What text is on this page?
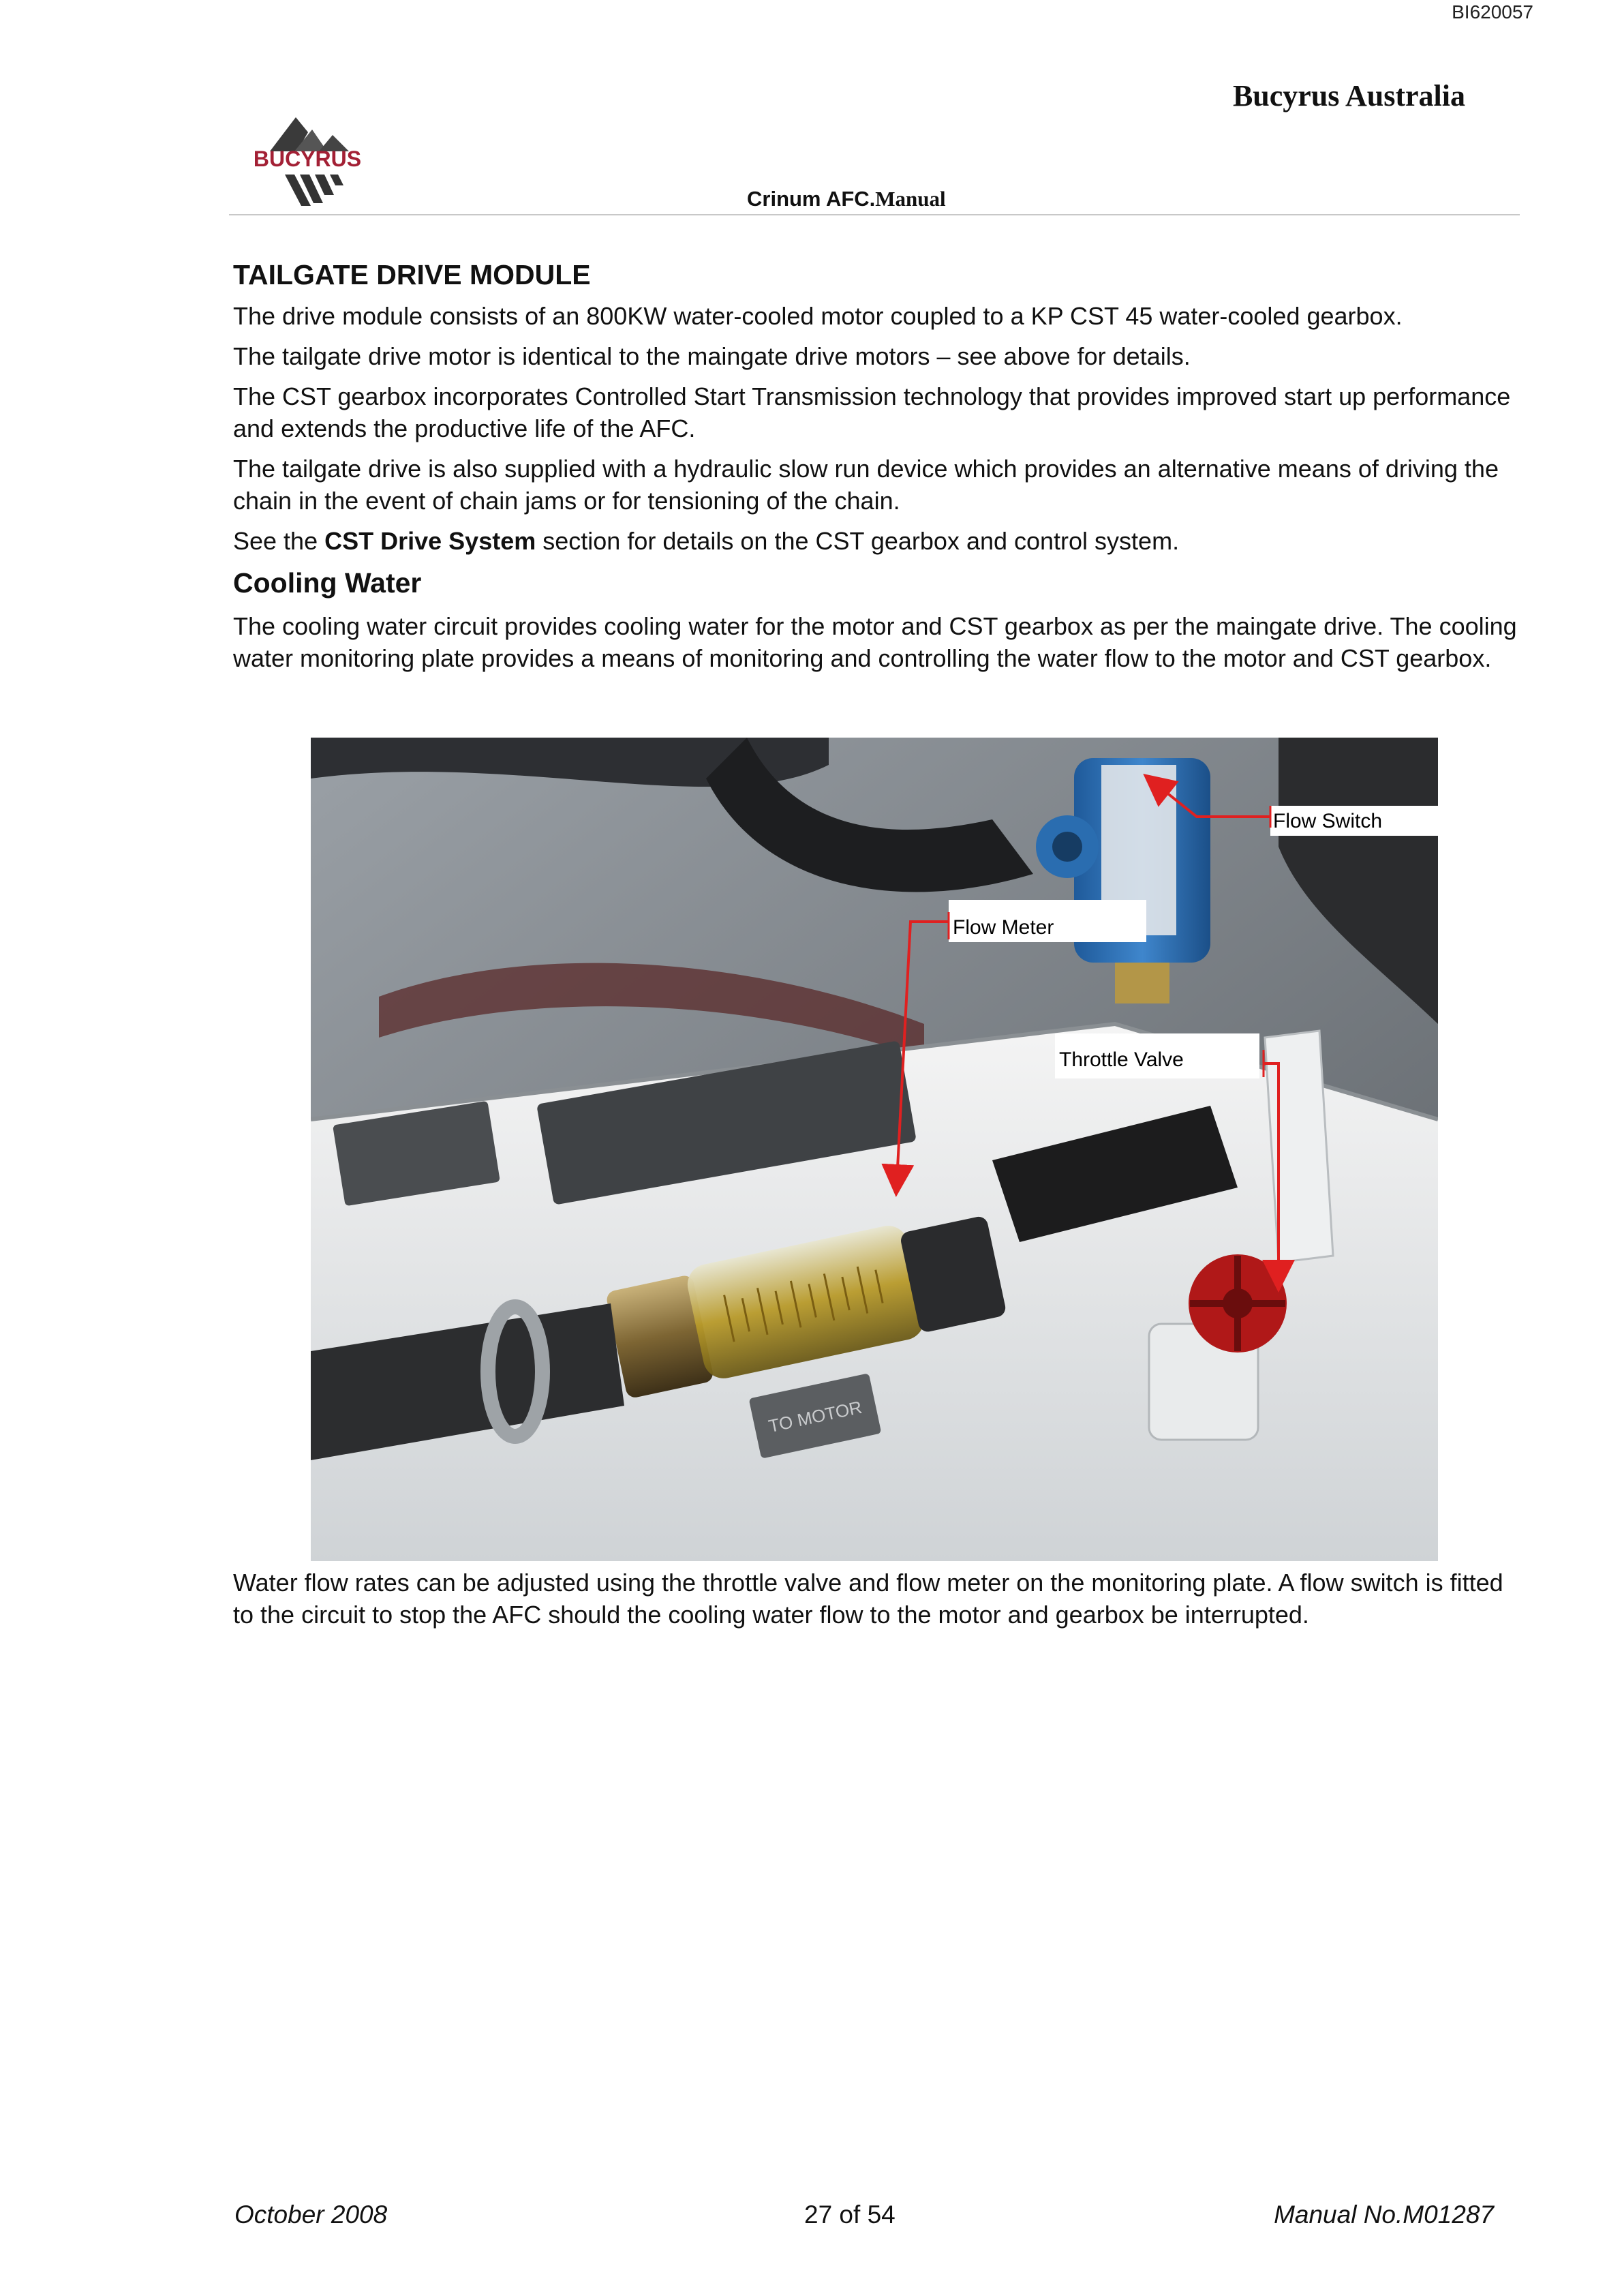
BI620057
Bucyrus Australia
BUCYRUS
Crinum AFC.Manual
TAILGATE DRIVE MODULE

The drive module consists of an 800KW water-cooled motor coupled to a KP CST 45 water-cooled gearbox.

The tailgate drive motor is identical to the maingate drive motors – see above for details.

The CST gearbox incorporates Controlled Start Transmission technology that provides improved start up performance and extends the productive life of the AFC.

The tailgate drive is also supplied with a hydraulic slow run device which provides an alternative means of driving the chain in the event of chain jams or for tensioning of the chain.

See the CST Drive System section for details on the CST gearbox and control system.

Cooling Water

The cooling water circuit provides cooling water for the motor and CST gearbox as per the maingate drive. The cooling water monitoring plate provides a means of monitoring and controlling the water flow to the motor and CST gearbox.

TO MOTOR
Flow Switch
Flow Meter
Throttle Valve

Water flow rates can be adjusted using the throttle valve and flow meter on the monitoring plate. A flow switch is fitted to the circuit to stop the AFC should the cooling water flow to the motor and gearbox be interrupted.

October 2008	27 of 54	Manual No.M01287
